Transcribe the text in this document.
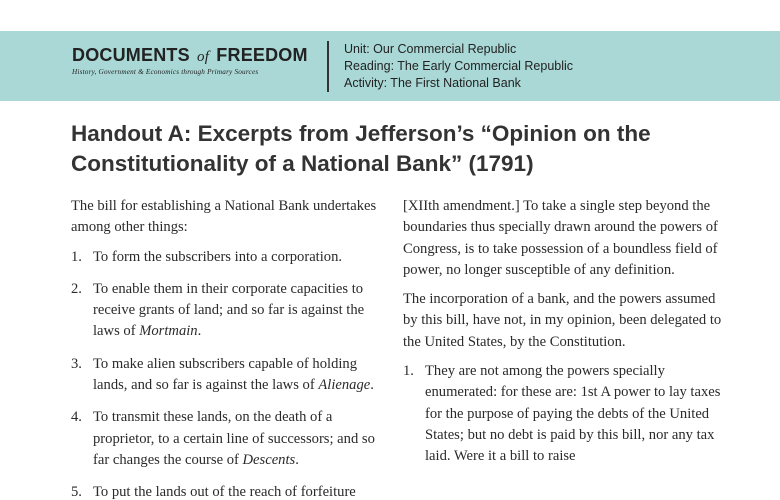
DOCUMENTS of FREEDOM
History, Government & Economics through Primary Sources
Unit: Our Commercial Republic
Reading: The Early Commercial Republic
Activity: The First National Bank
Handout A: Excerpts from Jefferson’s “Opinion on the
Constitutionality of a National Bank” (1791)
The bill for establishing a National Bank undertakes among other things:
1. To form the subscribers into a corporation.
2. To enable them in their corporate capacities to receive grants of land; and so far is against the laws of Mortmain.
3. To make alien subscribers capable of holding lands, and so far is against the laws of Alienage.
4. To transmit these lands, on the death of a proprietor, to a certain line of successors; and so far changes the course of Descents.
5. To put the lands out of the reach of forfeiture
[XIIth amendment.] To take a single step beyond the boundaries thus specially drawn around the powers of Congress, is to take possession of a boundless field of power, no longer susceptible of any definition.
The incorporation of a bank, and the powers assumed by this bill, have not, in my opinion, been delegated to the United States, by the Constitution.
1. They are not among the powers specially enumerated: for these are: 1st A power to lay taxes for the purpose of paying the debts of the United States; but no debt is paid by this bill, nor any tax laid. Were it a bill to raise
